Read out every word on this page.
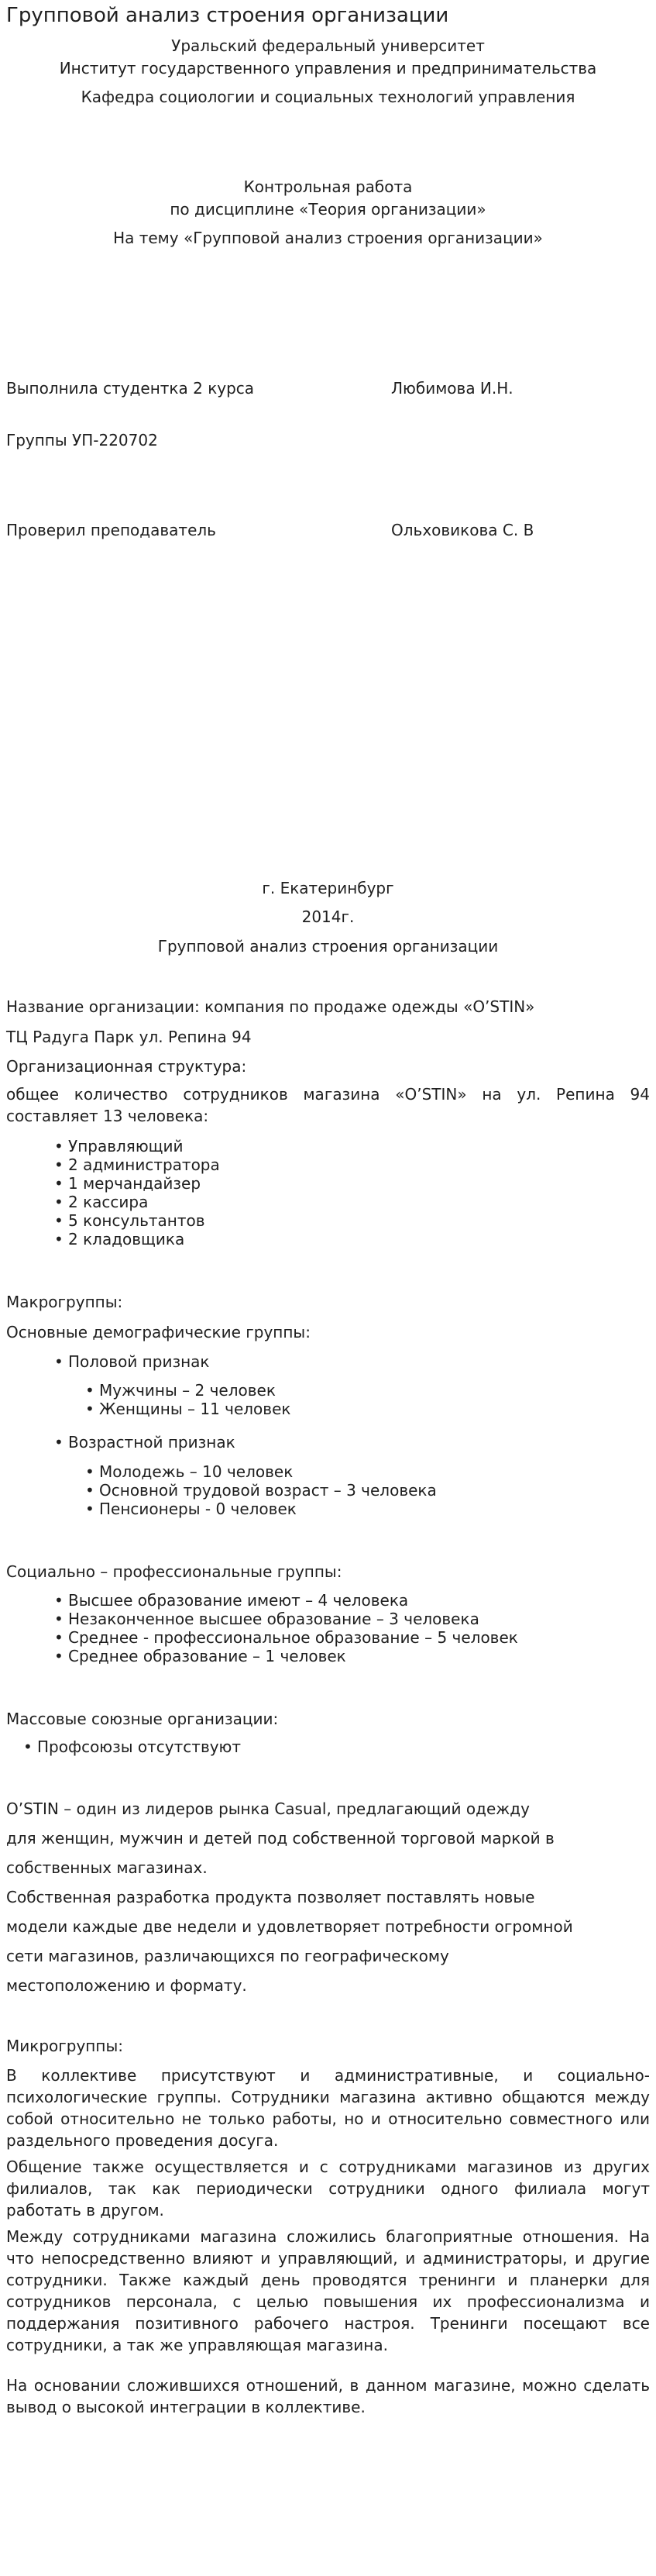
Групповой анализ строения организации
Уральский федеральный университет
Институт государственного управления и предпринимательства
Кафедра социологии и социальных технологий управления
Контрольная работа
по дисциплине «Теория организации»
На тему «Групповой анализ строения организации»
Выполнила студентка 2 курса	Любимова И.Н.
Группы УП-220702
Проверил преподаватель	Ольховикова С. В
г. Екатеринбург
2014г.
Групповой анализ строения организации
Название организации: компания по продаже одежды «O’STIN»
ТЦ Радуга Парк ул. Репина 94
Организационная структура:
общее количество сотрудников магазина «O’STIN» на ул. Репина 94 составляет 13 человека:
• Управляющий
• 2 администратора
• 1 мерчандайзер
• 2 кассира
• 5 консультантов
• 2 кладовщика
Макрогруппы:
Основные демографические группы:
• Половой признак
• Мужчины – 2 человек
• Женщины – 11 человек
• Возрастной признак
• Молодежь – 10 человек
• Основной трудовой возраст – 3 человека
• Пенсионеры - 0 человек
Социально – профессиональные группы:
• Высшее образование имеют – 4 человека
• Незаконченное высшее образование – 3 человека
• Среднее - профессиональное образование – 5 человек
• Среднее образование – 1 человек
Массовые союзные организации:
• Профсоюзы отсутствуют
O’STIN – один из лидеров рынка Casual, предлагающий одежду
для женщин, мужчин и детей под собственной торговой маркой в
собственных магазинах.
Собственная разработка продукта позволяет поставлять новые
модели каждые две недели и удовлетворяет потребности огромной
сети магазинов, различающихся по географическому
местоположению и формату.
Микрогруппы:
В коллективе присутствуют и административные, и социально-психологические группы. Сотрудники магазина активно общаются между собой относительно не только работы, но и относительно совместного или раздельного проведения досуга.
Общение также осуществляется и с сотрудниками магазинов из других филиалов, так как периодически сотрудники одного филиала могут работать в другом.
Между сотрудниками магазина сложились благоприятные отношения. На что непосредственно влияют и управляющий, и администраторы, и другие сотрудники. Также каждый день проводятся тренинги и планерки для сотрудников персонала, с целью повышения их профессионализма и поддержания позитивного рабочего настроя. Тренинги посещают все сотрудники, а так же управляющая магазина.
На основании сложившихся отношений, в данном магазине, можно сделать вывод о высокой интеграции в коллективе.
